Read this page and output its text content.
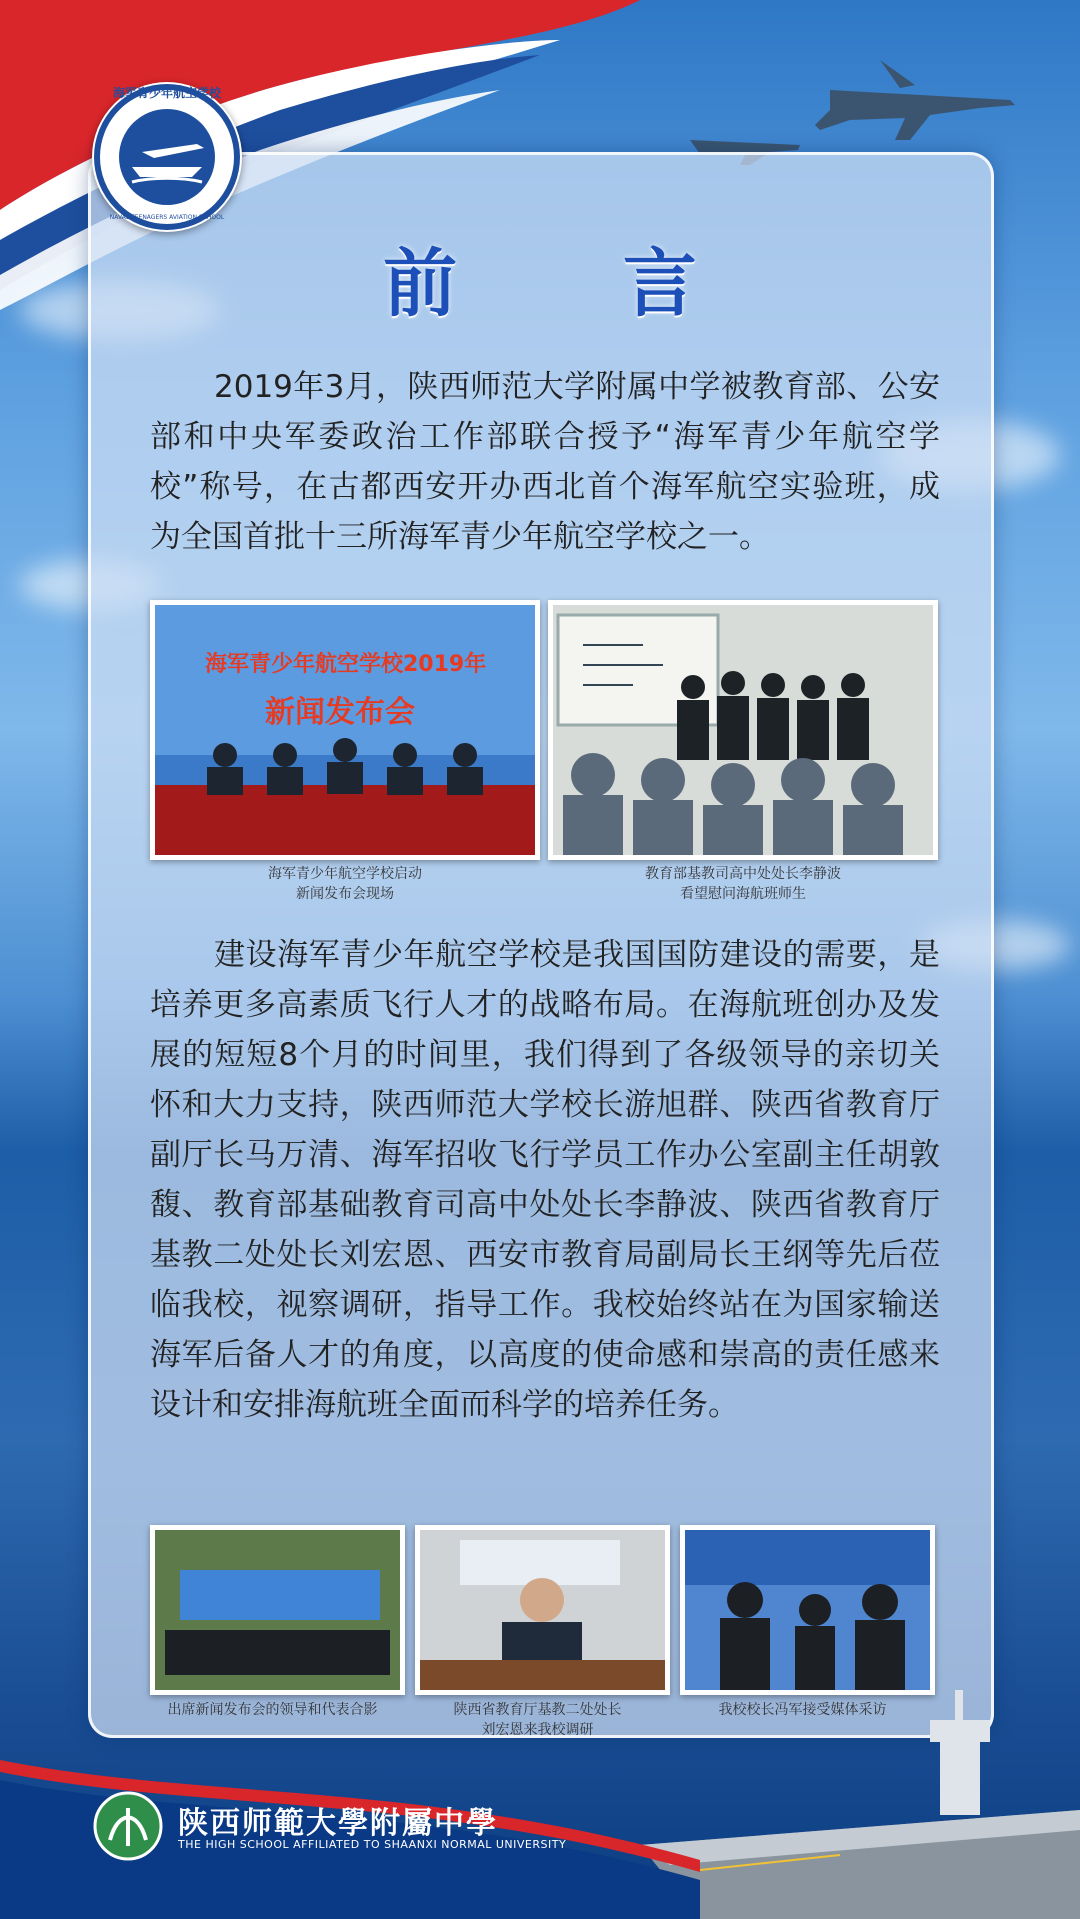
海军青少年航空学校
NAVAL TEENAGERS AVIATION SCHOOL
前 言

2019年3月，陕西师范大学附属中学被教育部、公安部和中央军委政治工作部联合授予“海军青少年航空学校”称号，在古都西安开办西北首个海军航空实验班，成为全国首批十三所海军青少年航空学校之一。

海军青少年航空学校2019年
新闻发布会
海军青少年航空学校启动
新闻发布会现场
教育部基教司高中处处长李静波
看望慰问海航班师生

建设海军青少年航空学校是我国国防建设的需要，是培养更多高素质飞行人才的战略布局。在海航班创办及发展的短短8个月的时间里，我们得到了各级领导的亲切关怀和大力支持，陕西师范大学校长游旭群、陕西省教育厅副厅长马万清、海军招收飞行学员工作办公室副主任胡敦馥、教育部基础教育司高中处处长李静波、陕西省教育厅基教二处处长刘宏恩、西安市教育局副局长王纲等先后莅临我校，视察调研，指导工作。我校始终站在为国家输送海军后备人才的角度，以高度的使命感和崇高的责任感来设计和安排海航班全面而科学的培养任务。

出席新闻发布会的领导和代表合影	陕西省教育厅基教二处处长
刘宏恩来我校调研
我校校长冯军接受媒体采访
陕西师範大學附屬中學
THE HIGH SCHOOL AFFILIATED TO SHAANXI NORMAL UNIVERSITY
